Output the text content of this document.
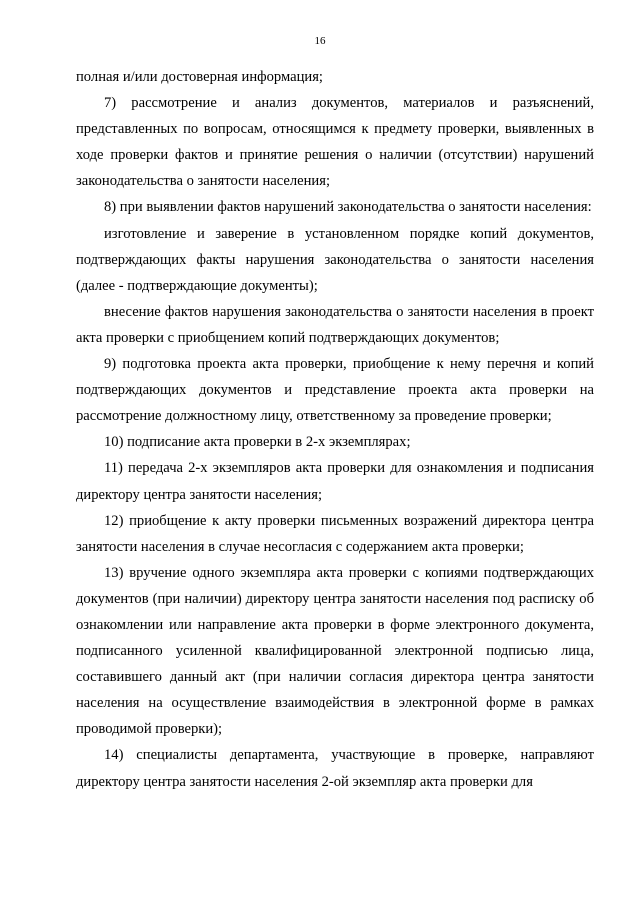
16

полная и/или достоверная информация;

7) рассмотрение и анализ документов, материалов и разъяснений, представленных по вопросам, относящимся к предмету проверки, выявленных в ходе проверки фактов и принятие решения о наличии (отсутствии) нарушений законодательства о занятости населения;

8) при выявлении фактов нарушений законодательства о занятости населения:

изготовление и заверение в установленном порядке копий документов, подтверждающих факты нарушения законодательства о занятости населения (далее - подтверждающие документы);

внесение фактов нарушения законодательства о занятости населения в проект акта проверки с приобщением копий подтверждающих документов;

9) подготовка проекта акта проверки, приобщение к нему перечня и копий подтверждающих документов и представление проекта акта проверки на рассмотрение должностному лицу, ответственному за проведение проверки;

10) подписание акта проверки в 2-х экземплярах;

11) передача 2-х экземпляров акта проверки для ознакомления и подписания директору центра занятости населения;

12) приобщение к акту проверки письменных возражений директора центра занятости населения в случае несогласия с содержанием акта проверки;

13) вручение одного экземпляра акта проверки с копиями подтверждающих документов (при наличии) директору центра занятости населения под расписку об ознакомлении или направление акта проверки в форме электронного документа, подписанного усиленной квалифицированной электронной подписью лица, составившего данный акт (при наличии согласия директора центра занятости населения на осуществление взаимодействия в электронной форме в рамках проводимой проверки);

14) специалисты департамента, участвующие в проверке, направляют директору центра занятости населения 2-ой экземпляр акта проверки для
